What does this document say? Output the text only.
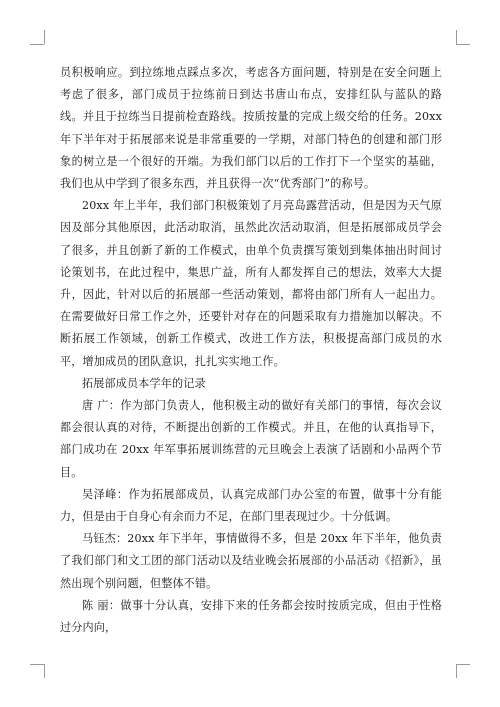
员积极响应。到拉练地点踩点多次，考虑各方面问题，特别是在安全问题上考虑了很多，部门成员于拉练前日到达书唐山布点，安排红队与蓝队的路线。并且于拉练当日提前检查路线。按质按量的完成上级交给的任务。20xx 年下半年对于拓展部来说是非常重要的一学期，对部门特色的创建和部门形象的树立是一个很好的开端。为我们部门以后的工作打下一个坚实的基础，我们也从中学到了很多东西，并且获得一次“优秀部门”的称号。

20xx 年上半年，我们部门积极策划了月亮岛露营活动，但是因为天气原因及部分其他原因，此活动取消，虽然此次活动取消，但是拓展部成员学会了很多，并且创新了新的工作模式，由单个负责撰写策划到集体抽出时间讨论策划书，在此过程中，集思广益，所有人都发挥自己的想法，效率大大提升，因此，针对以后的拓展部一些活动策划，都将由部门所有人一起出力。在需要做好日常工作之外，还要针对存在的问题采取有力措施加以解决。不断拓展工作领域，创新工作模式，改进工作方法，积极提高部门成员的水平，增加成员的团队意识，扎扎实实地工作。

拓展部成员本学年的记录

唐 广：作为部门负责人，他积极主动的做好有关部门的事情，每次会议都会很认真的对待，不断提出创新的工作模式。并且，在他的认真指导下，部门成功在 20xx 年军事拓展训练营的元旦晚会上表演了话剧和小品两个节目。

吴泽峰：作为拓展部成员，认真完成部门办公室的布置，做事十分有能力，但是由于自身心有余而力不足，在部门里表现过少。十分低调。

马钰杰：20xx 年下半年，事情做得不多，但是 20xx 年下半年，他负责了我们部门和文工团的部门活动以及结业晚会拓展部的小品活动《招新》，虽然出现个别问题，但整体不错。

陈 丽：做事十分认真，安排下来的任务都会按时按质完成，但由于性格过分内向，
